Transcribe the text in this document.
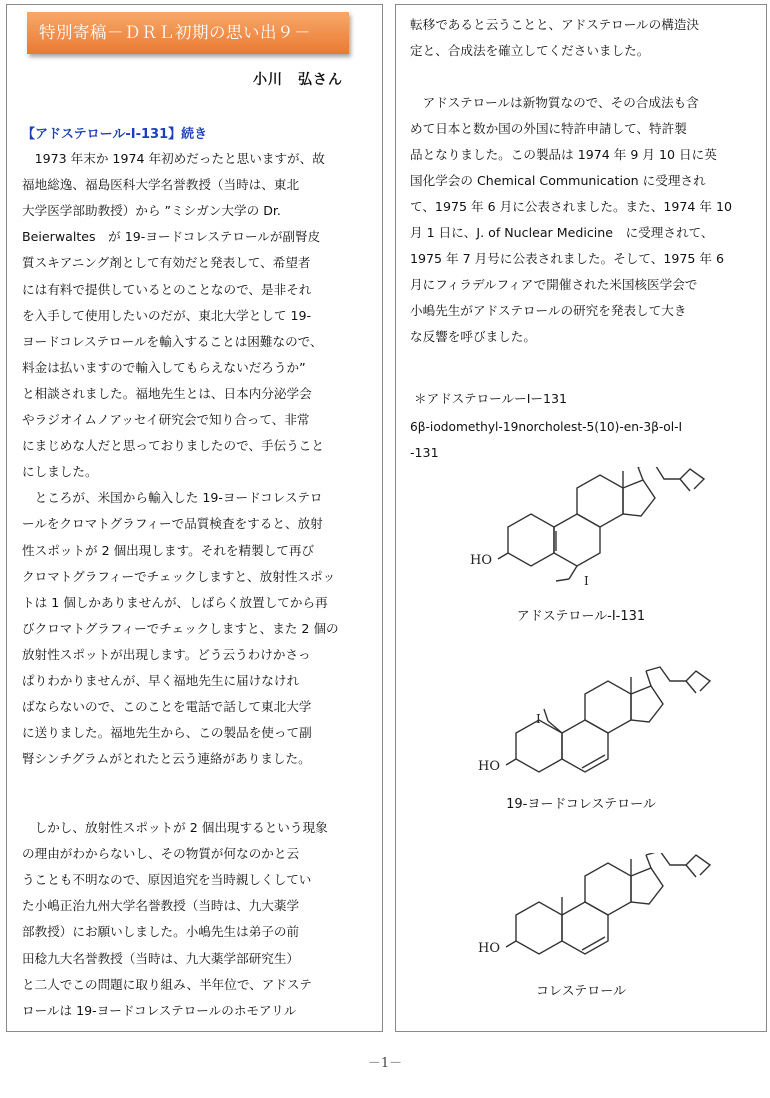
特別寄稿－ＤＲＬ初期の思い出９－
小川　弘さん
【アドステロール-I-131】続き

　1973 年末か 1974 年初めだったと思いますが、故

福地総逸、福島医科大学名誉教授（当時は、東北

大学医学部助教授）から ”ミシガン大学の Dr.

Beierwaltes　が 19-ヨードコレステロールが副腎皮

質スキアニング剤として有効だと発表して、希望者

には有料で提供しているとのことなので、是非それ

を入手して使用したいのだが、東北大学として 19-

ヨードコレステロールを輸入することは困難なので、

料金は払いますので輸入してもらえないだろうか”

と相談されました。福地先生とは、日本内分泌学会

やラジオイムノアッセイ研究会で知り合って、非常

にまじめな人だと思っておりましたので、手伝うこと

にしました。

　ところが、米国から輸入した 19-ヨードコレステロ

ールをクロマトグラフィーで品質検査をすると、放射

性スポットが 2 個出現します。それを精製して再び

クロマトグラフィーでチェックしますと、放射性スポッ

トは 1 個しかありませんが、しばらく放置してから再

びクロマトグラフィーでチェックしますと、また 2 個の

放射性スポットが出現します。どう云うわけかさっ

ぱりわかりませんが、早く福地先生に届けなけれ

ばならないので、このことを電話で話して東北大学

に送りました。福地先生から、この製品を使って副

腎シンチグラムがとれたと云う連絡がありました。

　しかし、放射性スポットが 2 個出現するという現象

の理由がわからないし、その物質が何なのかと云

うことも不明なので、原因追究を当時親しくしてい

た小嶋正治九州大学名誉教授（当時は、九大薬学

部教授）にお願いしました。小嶋先生は弟子の前

田稔九大名誉教授（当時は、九大薬学部研究生）

と二人でこの問題に取り組み、半年位で、アドステ

ロールは 19-ヨードコレステロールのホモアリル

転移であると云うことと、アドステロールの構造決

定と、合成法を確立してくださいました。

　アドステロールは新物質なので、その合成法も含

めて日本と数か国の外国に特許申請して、特許製

品となりました。この製品は 1974 年 9 月 10 日に英

国化学会の Chemical Communication に受理され

て、1975 年 6 月に公表されました。また、1974 年 10

月 1 日に、J. of Nuclear Medicine　に受理されて、

1975 年 7 月号に公表されました。そして、1975 年 6

月にフィラデルフィアで開催された米国核医学会で

小嶋先生がアドステロールの研究を発表して大き

な反響を呼びました。

＊アドステロールーIー131

6β-iodomethyl-19norcholest-5(10)-en-3β-ol-I

-131

HO
I
アドステロール-I-131
HO
I
19-ヨードコレステロール
HO
コレステロール
－1－
